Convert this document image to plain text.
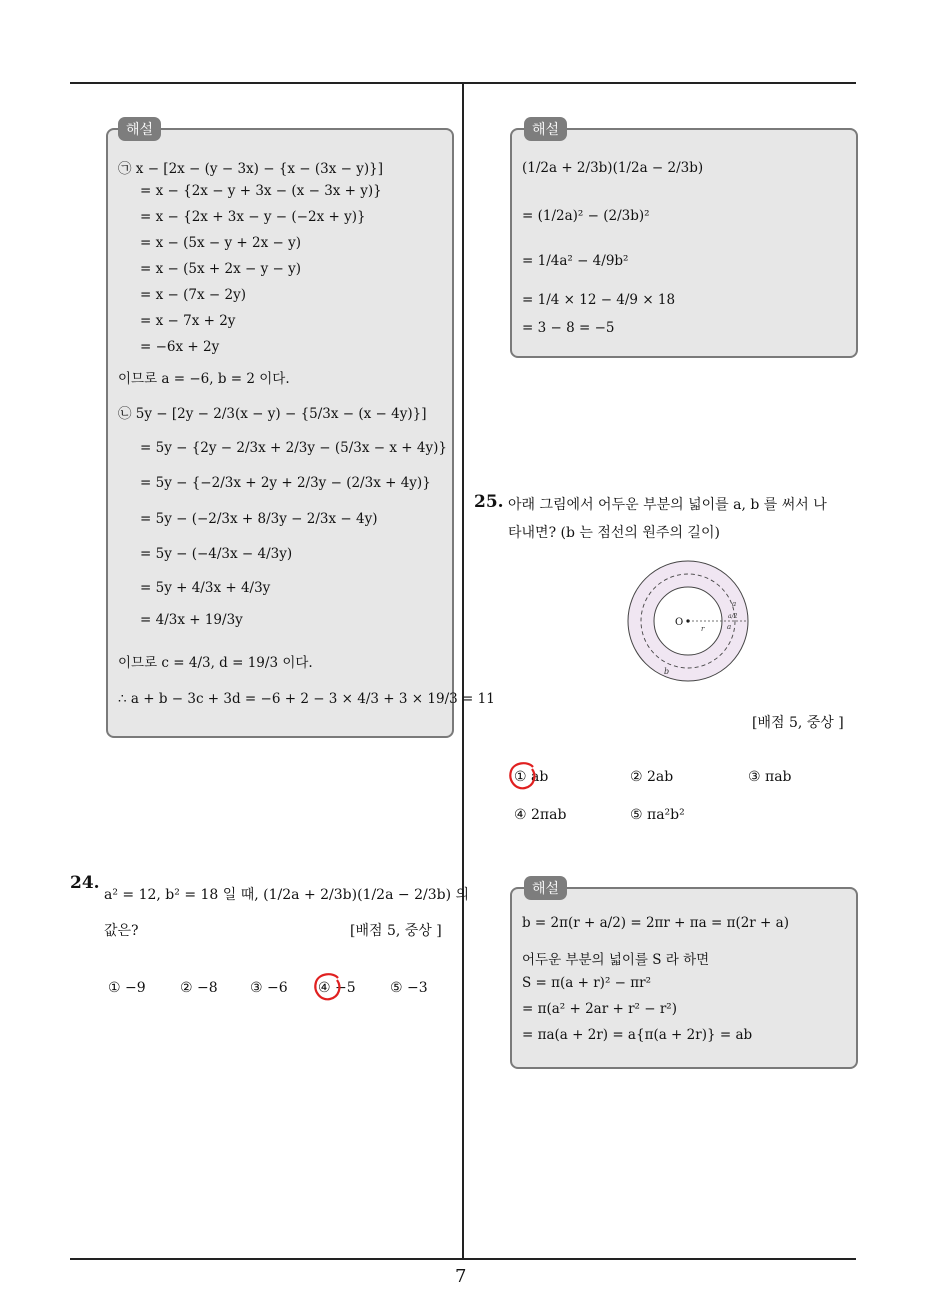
7
해설
㉠ x − [2x − (y − 3x) − {x − (3x − y)}]
= x − {2x − y + 3x − (x − 3x + y)}
= x − {2x + 3x − y − (−2x + y)}
= x − (5x − y + 2x − y)
= x − (5x + 2x − y − y)
= x − (7x − 2y)
= x − 7x + 2y
= −6x + 2y
이므로 a = −6, b = 2 이다.
㉡ 5y − [2y − 2/3(x − y) − {5/3x − (x − 4y)}]
= 5y − {2y − 2/3x + 2/3y − (5/3x − x + 4y)}
= 5y − {−2/3x + 2y + 2/3y − (2/3x + 4y)}
= 5y − (−2/3x + 8/3y − 2/3x − 4y)
= 5y − (−4/3x − 4/3y)
= 5y + 4/3x + 4/3y
= 4/3x + 19/3y
이므로 c = 4/3, d = 19/3 이다.
∴ a + b − 3c + 3d = −6 + 2 − 3 × 4/3 + 3 × 19/3 = 11
24.
a² = 12, b² = 18 일 때, (1/2a + 2/3b)(1/2a − 2/3b) 의
값은?	[배점 5, 중상 ]
① −9 ② −8 ③ −6 ④ −5 ⑤ −3
해설
(1/2a + 2/3b)(1/2a − 2/3b)
= (1/2a)² − (2/3b)²
= 1/4a² − 4/9b²
= 1/4 × 12 − 4/9 × 18
= 3 − 8 = −5
25. 아래 그림에서 어두운 부분의 넓이를 a, b 를 써서 나
타내면? (b 는 점선의 원주의 길이)
O
r	a
a
a/2
b
[배점 5, 중상 ]
① ab	② 2ab	③ πab
④ 2πab	⑤ πa²b²
해설
b = 2π(r + a/2) = 2πr + πa = π(2r + a)
어두운 부분의 넓이를 S 라 하면
S = π(a + r)² − πr²
= π(a² + 2ar + r² − r²)
= πa(a + 2r) = a{π(a + 2r)} = ab
